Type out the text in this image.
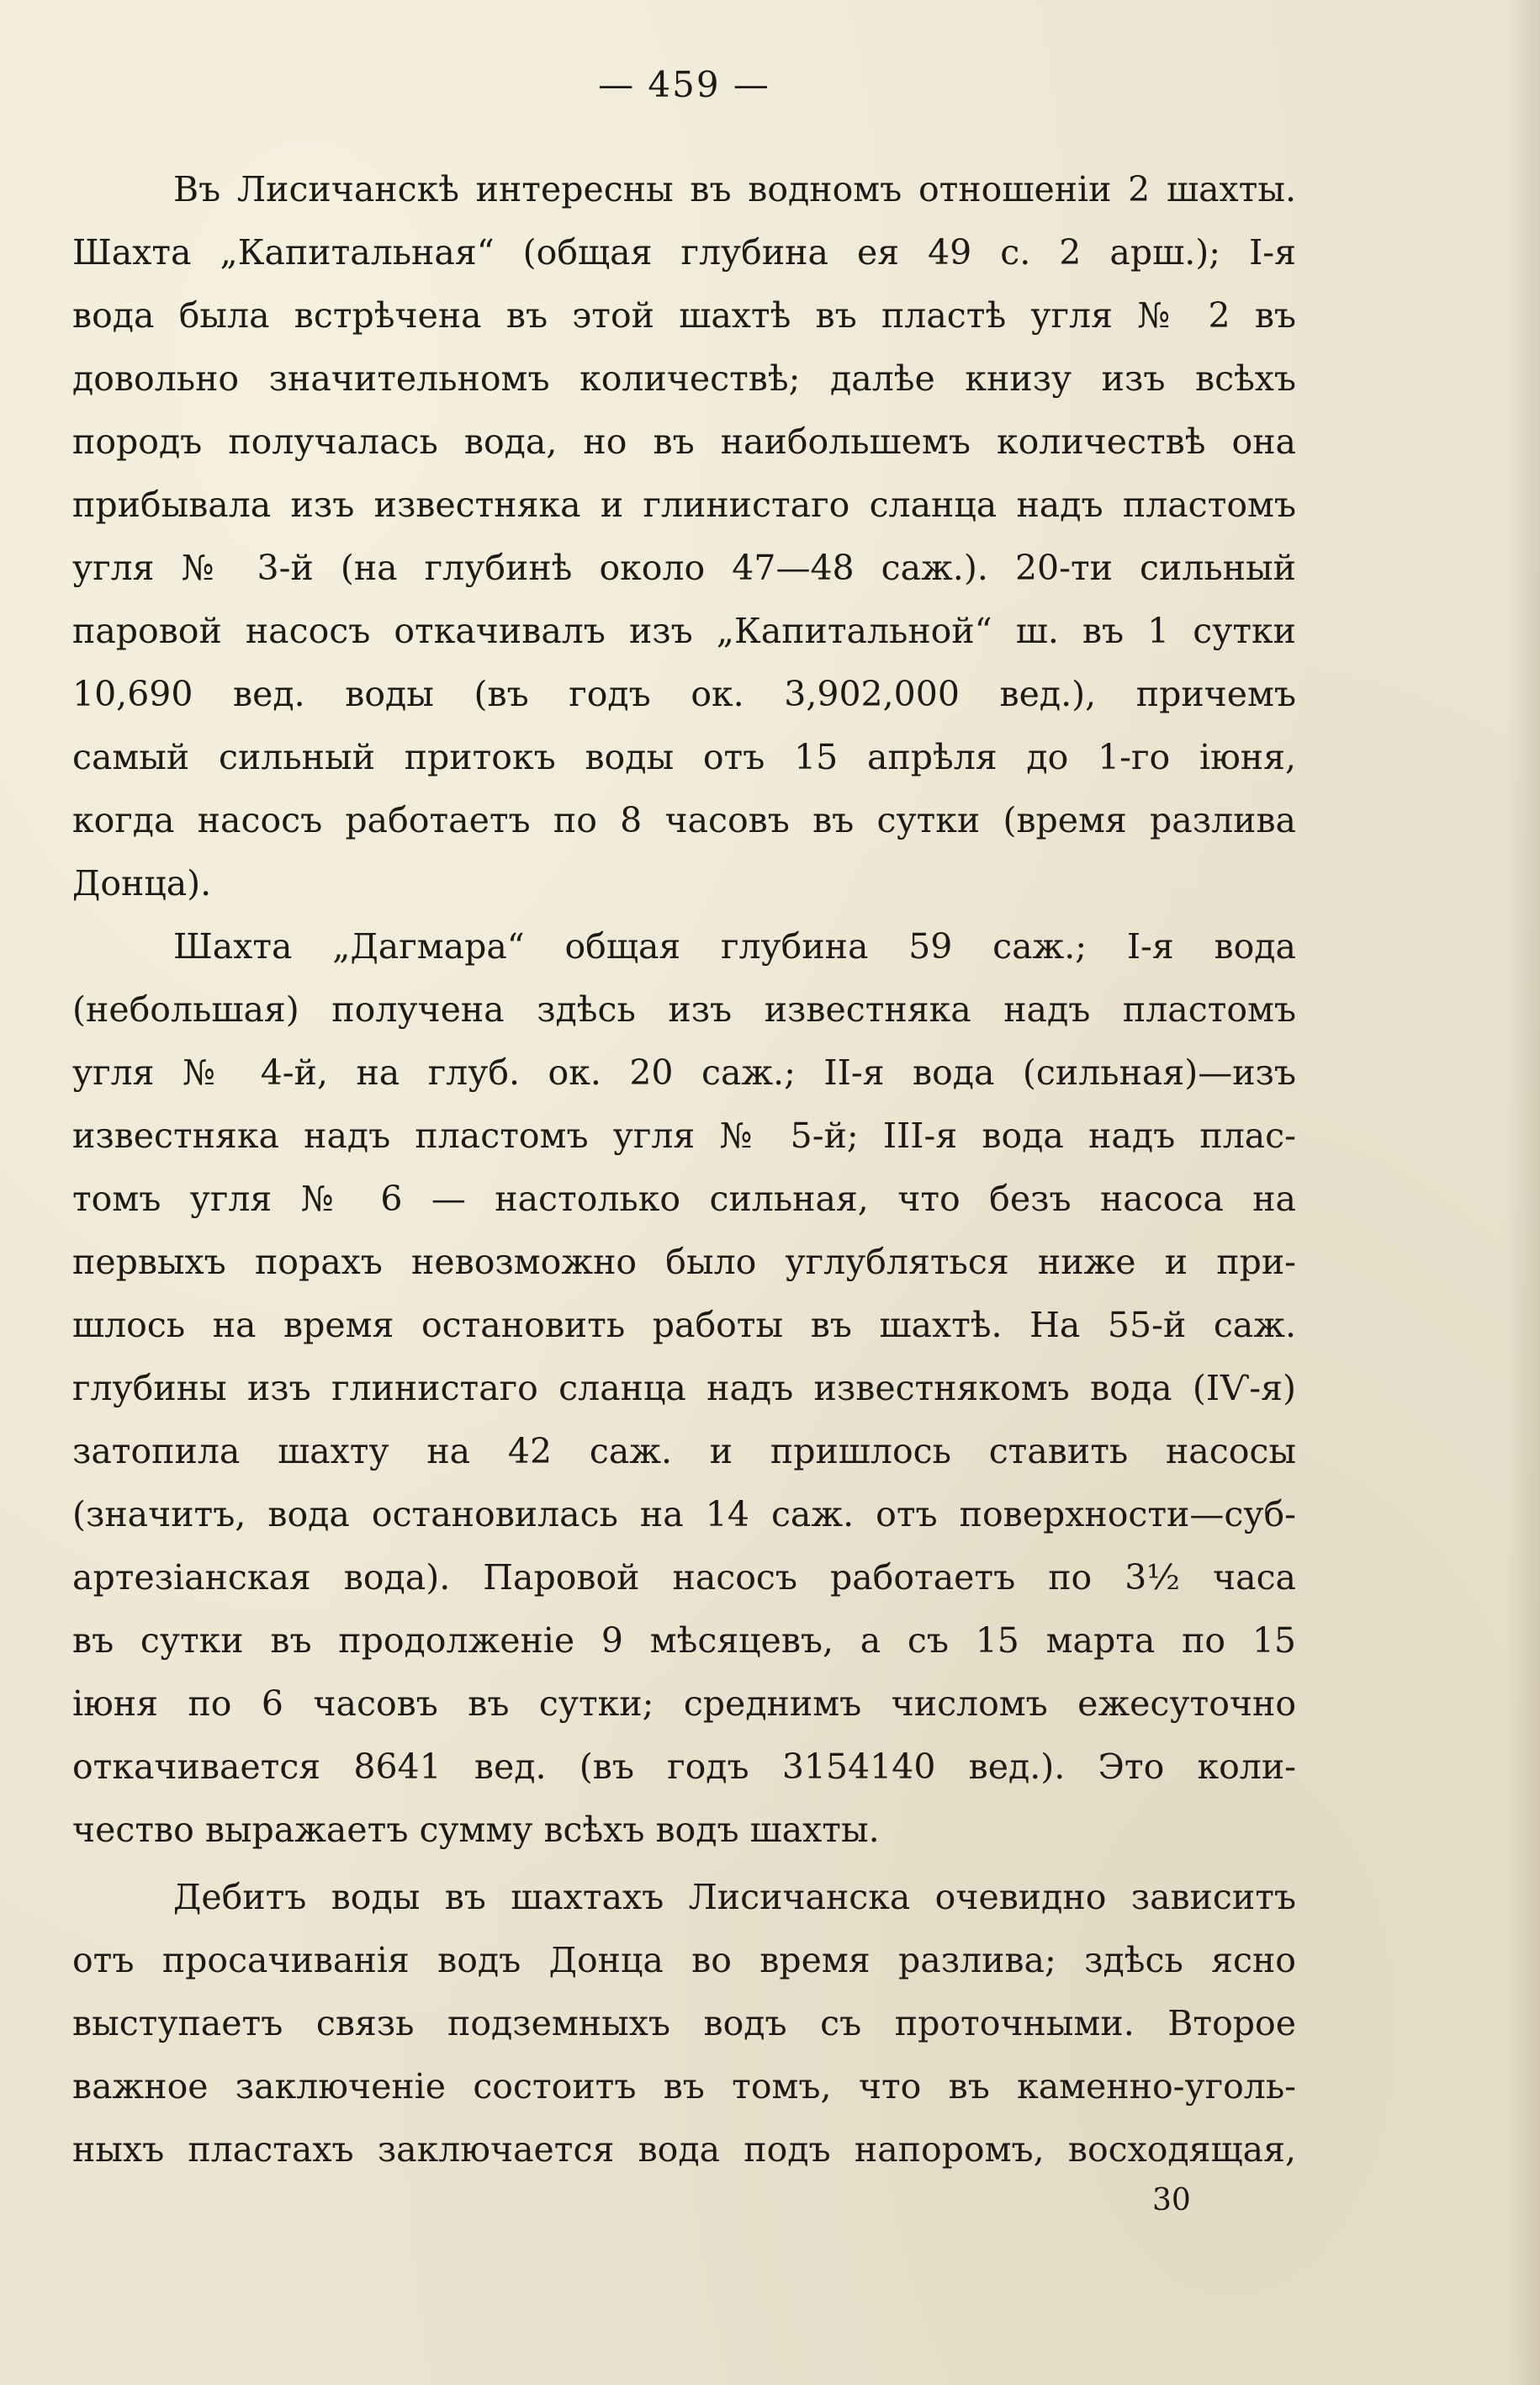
— 459 —
Въ Лисичанскѣ интересны въ водномъ отношеніи 2 шахты.
Шахта „Капитальная“ (общая глубина ея 49 с. 2 арш.); І-я
вода была встрѣчена въ этой шахтѣ въ пластѣ угля № 2 въ
довольно значительномъ количествѣ; далѣе книзу изъ всѣхъ
породъ получалась вода, но въ наибольшемъ количествѣ она
прибывала изъ известняка и глинистаго сланца надъ пластомъ
угля № 3-й (на глубинѣ около 47—48 саж.). 20-ти сильный
паровой насосъ откачивалъ изъ „Капитальной“ ш. въ 1 сутки
10,690 вед. воды (въ годъ ок. 3,902,000 вед.), причемъ
самый сильный притокъ воды отъ 15 апрѣля до 1-го іюня,
когда насосъ работаетъ по 8 часовъ въ сутки (время разлива
Донца).
Шахта „Дагмара“ общая глубина 59 саж.; І-я вода
(небольшая) получена здѣсь изъ известняка надъ пластомъ
угля № 4-й, на глуб. ок. 20 саж.; ІІ-я вода (сильная)—изъ
известняка надъ пластомъ угля № 5-й; ІІІ-я вода надъ плас-
томъ угля № 6 — настолько сильная, что безъ насоса на
первыхъ порахъ невозможно было углубляться ниже и при-
шлось на время остановить работы въ шахтѣ. На 55-й саж.
глубины изъ глинистаго сланца надъ известнякомъ вода (ІѴ-я)
затопила шахту на 42 саж. и пришлось ставить насосы
(значитъ, вода остановилась на 14 саж. отъ поверхности—суб-
артезіанская вода). Паровой насосъ работаетъ по 3½ часа
въ сутки въ продолженіе 9 мѣсяцевъ, а съ 15 марта по 15
іюня по 6 часовъ въ сутки; среднимъ числомъ ежесуточно
откачивается 8641 вед. (въ годъ 3154140 вед.). Это коли-
чество выражаетъ сумму всѣхъ водъ шахты.
Дебитъ воды въ шахтахъ Лисичанска очевидно зависитъ
отъ просачиванія водъ Донца во время разлива; здѣсь ясно
выступаетъ связь подземныхъ водъ съ проточными. Второе
важное заключеніе состоитъ въ томъ, что въ каменно-уголь-
ныхъ пластахъ заключается вода подъ напоромъ, восходящая,
30
